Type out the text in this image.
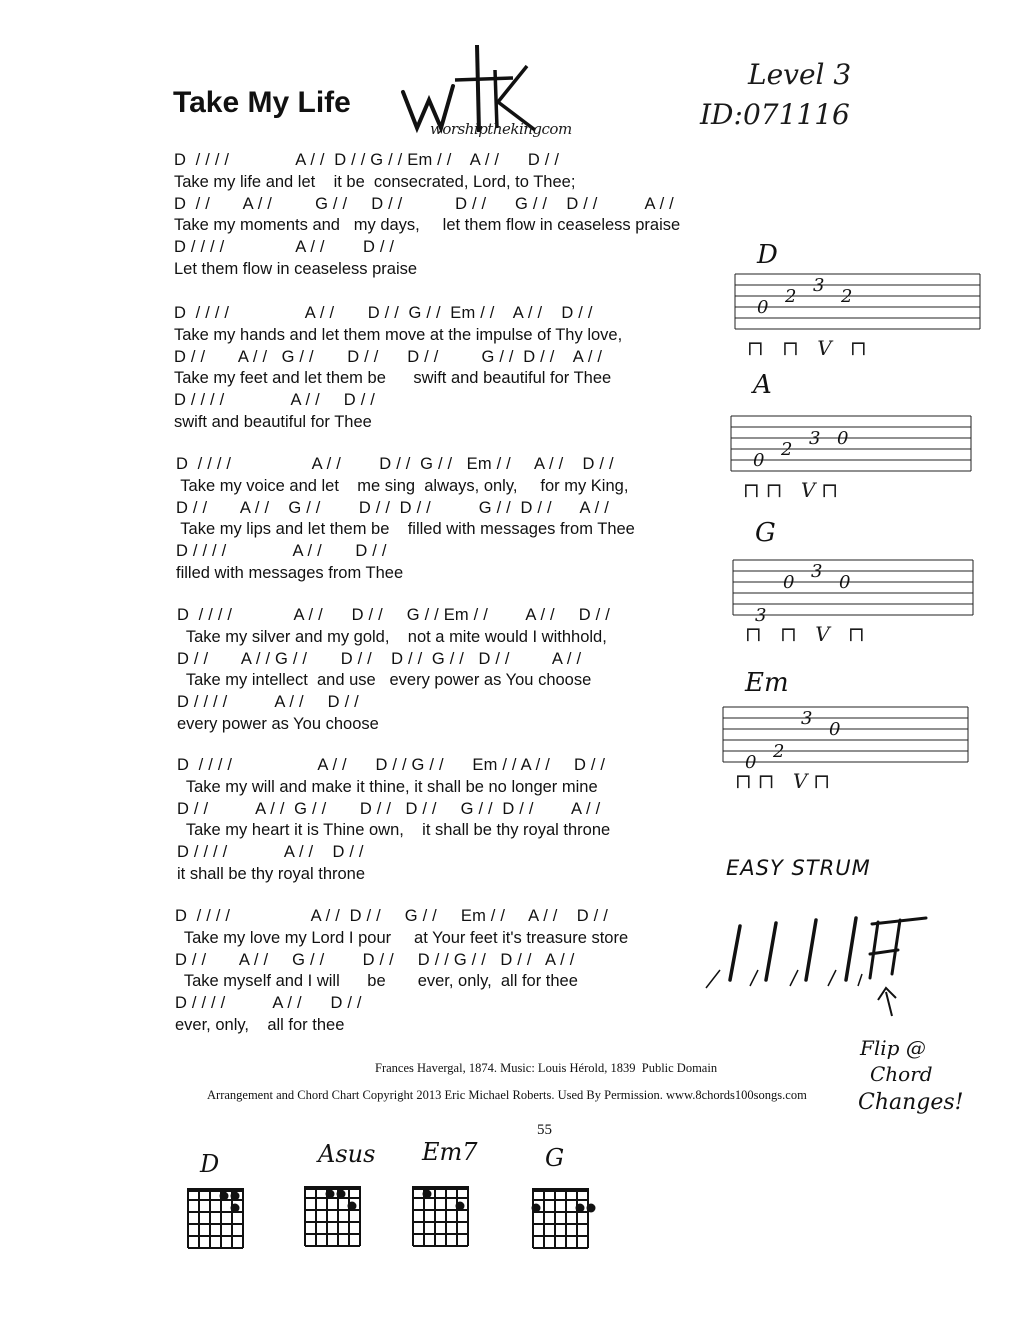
Take My Life
worshipthekingcom
Level 3
ID:071116
D  / / / /              A / /  D / / G / / Em / /    A / /      D / /
Take my life and let    it be  consecrated, Lord, to Thee;
D  / /       A / /         G / /     D / /           D / /      G / /    D / /          A / /
Take my moments and   my days,     let them flow in ceaseless praise
D / / / /               A / /        D / /
Let them flow in ceaseless praise
D  / / / /                A / /       D / /  G / /  Em / /    A / /    D / /
Take my hands and let them move at the impulse of Thy love,
D / /       A / /   G / /       D / /      D / /         G / /  D / /    A / /
Take my feet and let them be      swift and beautiful for Thee
D / / / /              A / /     D / /
swift and beautiful for Thee
D  / / / /                 A / /        D / /  G / /   Em / /     A / /    D / /
Take my voice and let    me sing  always, only,     for my King,
D / /       A / /    G / /        D / /  D / /          G / /  D / /      A / /
Take my lips and let them be    filled with messages from Thee
D / / / /              A / /       D / /
filled with messages from Thee
D  / / / /             A / /      D / /     G / / Em / /        A / /     D / /
Take my silver and my gold,    not a mite would I withhold,
D / /       A / / G / /       D / /    D / /  G / /   D / /         A / /
Take my intellect  and use   every power as You choose
D / / / /          A / /     D / /
every power as You choose
D  / / / /                  A / /      D / / G / /      Em / / A / /     D / /
Take my will and make it thine, it shall be no longer mine
D / /          A / /  G / /       D / /   D / /     G / /  D / /        A / /
Take my heart it is Thine own,    it shall be thy royal throne
D / / / /            A / /    D / /
it shall be thy royal throne
D  / / / /                 A / /  D / /     G / /     Em / /     A / /    D / /
Take my love my Lord I pour     at Your feet it's treasure store
D / /       A / /     G / /        D / /     D / / G / /   D / /   A / /
Take myself and I will      be       ever, only,  all for thee
D / / / /          A / /      D / /
ever, only,    all for thee
Frances Havergal, 1874. Music: Louis Hérold, 1839  Public Domain
Arrangement and Chord Chart Copyright 2013 Eric Michael Roberts. Used By Permission. www.8chords100songs.com
55
D
0
2
3
2
⊓ ⊓ V ⊓
A
0
2
3 0
⊓⊓ V⊓
G
3
0
3
0
⊓ ⊓ V ⊓
Em
0
2
3
0
⊓⊓ V⊓
EASY STRUM
Flip @
Chord
Changes!
D	Asus Em7	G
